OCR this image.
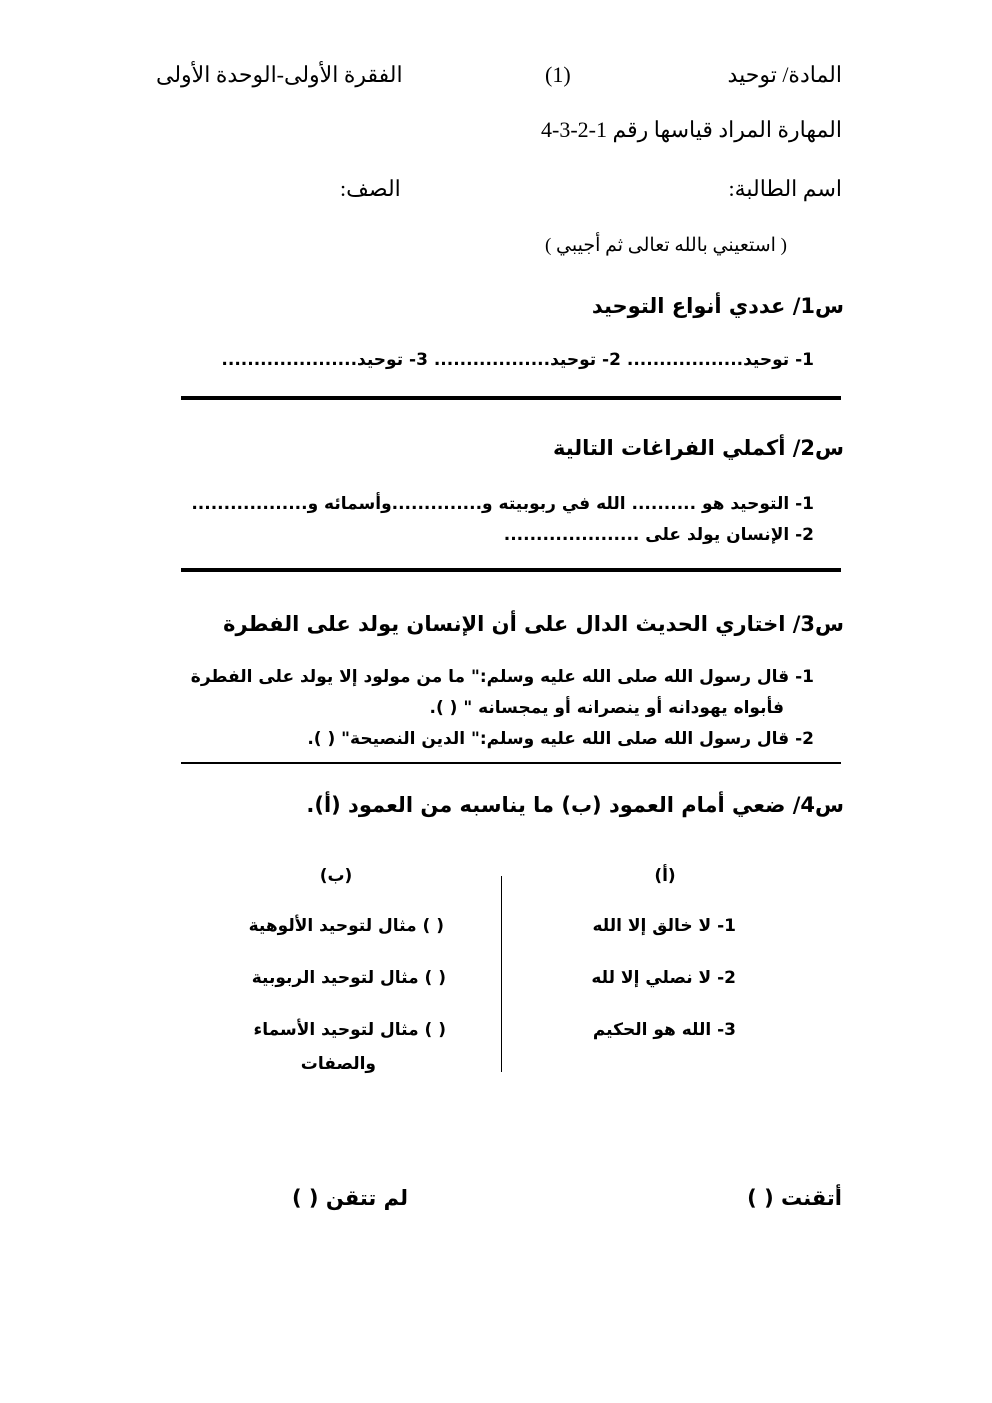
المادة/ توحيد
(1)
الفقرة الأولى-الوحدة الأولى
المهارة المراد قياسها رقم 1-2-3-4
اسم الطالبة:
الصف:
( استعيني بالله تعالى ثم أجيبي )
س1/ عددي أنواع التوحيد
1- توحيد.................. 2- توحيد.................. 3- توحيد.....................
س2/ أكملي الفراغات التالية
1- التوحيد هو .......... الله في ربوبيته و..............وأسمائه و..................
2- الإنسان يولد على .....................
س3/ اختاري الحديث الدال على أن الإنسان يولد على الفطرة
1- قال رسول الله صلى الله عليه وسلم:" ما من مولود إلا يولد على الفطرة
فأبواه يهودانه أو ينصرانه أو يمجسانه " ( ).
2- قال رسول الله صلى الله عليه وسلم:" الدين النصيحة" ( ).
س4/ ضعي أمام العمود (ب) ما يناسبه من العمود (أ).
(أ)
(ب)
1- لا خالق إلا الله
2- لا نصلي إلا لله
3- الله هو الحكيم
( ) مثال لتوحيد الألوهية
( ) مثال لتوحيد الربوبية
( ) مثال لتوحيد الأسماء
والصفات
أتقنت ( )
لم تتقن ( )
